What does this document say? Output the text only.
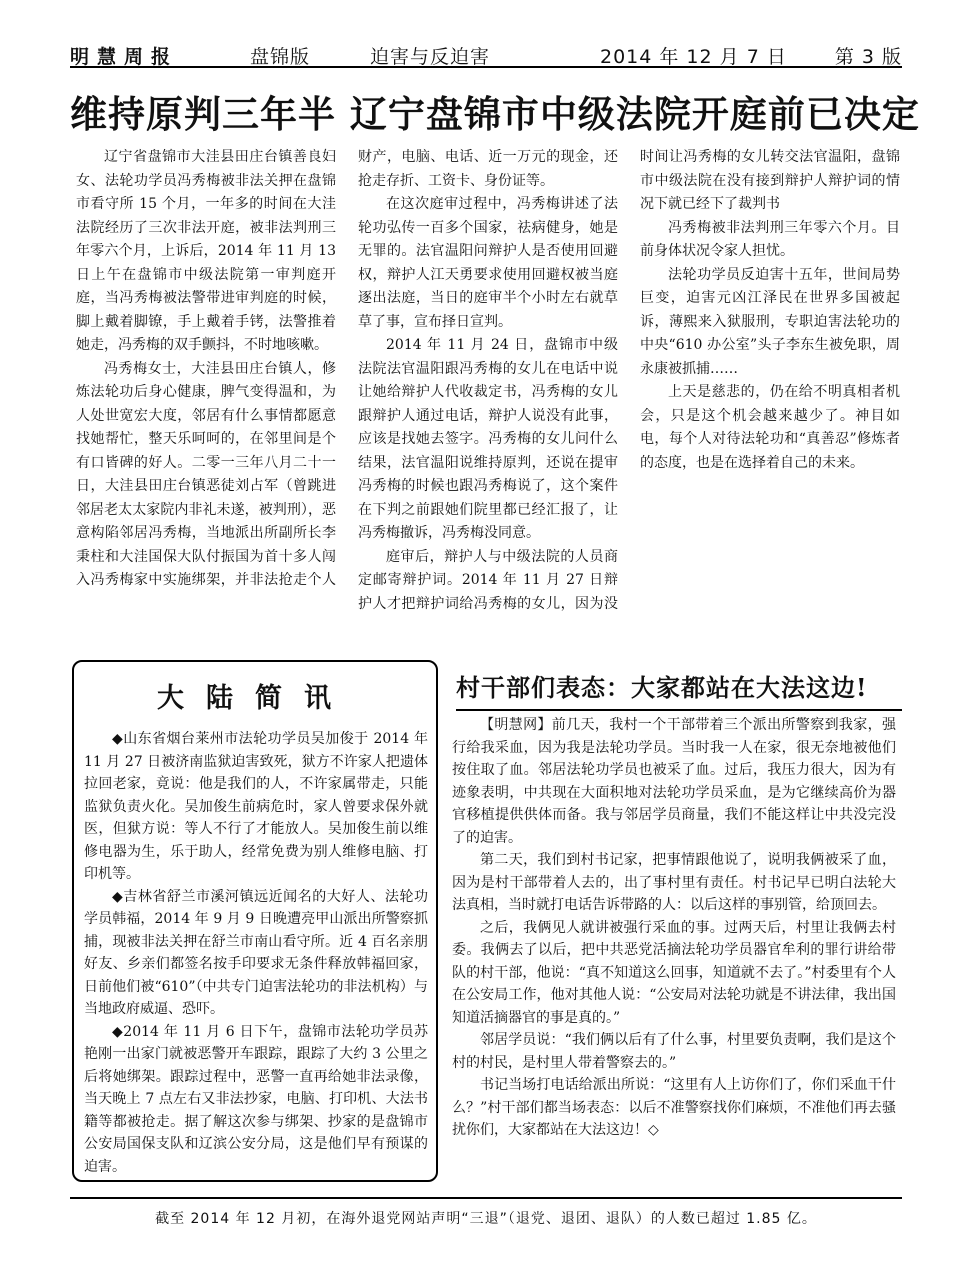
明慧周报	盘锦版	迫害与反迫害	2014 年 12 月 7 日	第 3 版
维持原判三年半 辽宁盘锦市中级法院开庭前已决定

辽宁省盘锦市大洼县田庄台镇善良妇女、法轮功学员冯秀梅被非法关押在盘锦市看守所 15 个月，一年多的时间在大洼法院经历了三次非法开庭，被非法判刑三年零六个月，上诉后，2014 年 11 月 13 日上午在盘锦市中级法院第一审判庭开庭，当冯秀梅被法警带进审判庭的时候，脚上戴着脚镣，手上戴着手铐，法警推着她走，冯秀梅的双手颤抖，不时地咳嗽。

冯秀梅女士，大洼县田庄台镇人，修炼法轮功后身心健康，脾气变得温和，为人处世宽宏大度，邻居有什么事情都愿意找她帮忙，整天乐呵呵的，在邻里间是个有口皆碑的好人。二零一三年八月二十一日，大洼县田庄台镇恶徒刘占军（曾跳进邻居老太太家院内非礼未遂，被判刑），恶意构陷邻居冯秀梅，当地派出所副所长李秉柱和大洼国保大队付振国为首十多人闯入冯秀梅家中实施绑架，并非法抢走个人财产，电脑、电话、近一万元的现金，还抢走存折、工资卡、身份证等。

在这次庭审过程中，冯秀梅讲述了法轮功弘传一百多个国家，祛病健身，她是无罪的。法官温阳问辩护人是否使用回避权，辩护人江天勇要求使用回避权被当庭逐出法庭，当日的庭审半个小时左右就草草了事，宣布择日宣判。

2014 年 11 月 24 日，盘锦市中级法院法官温阳跟冯秀梅的女儿在电话中说让她给辩护人代收裁定书，冯秀梅的女儿跟辩护人通过电话，辩护人说没有此事，应该是找她去签字。冯秀梅的女儿问什么结果，法官温阳说维持原判，还说在提审冯秀梅的时候也跟冯秀梅说了，这个案件在下判之前跟她们院里都已经汇报了，让冯秀梅撤诉，冯秀梅没同意。

庭审后，辩护人与中级法院的人员商定邮寄辩护词。2014 年 11 月 27 日辩护人才把辩护词给冯秀梅的女儿，因为没时间让冯秀梅的女儿转交法官温阳，盘锦市中级法院在没有接到辩护人辩护词的情况下就已经下了裁判书

冯秀梅被非法判刑三年零六个月。目前身体状况令家人担忧。

法轮功学员反迫害十五年，世间局势巨变，迫害元凶江泽民在世界多国被起诉，薄熙来入狱服刑，专职迫害法轮功的中央“610 办公室”头子李东生被免职，周永康被抓捕……

上天是慈悲的，仍在给不明真相者机会，只是这个机会越来越少了。神目如电，每个人对待法轮功和“真善忍”修炼者的态度，也是在选择着自己的未来。

大陆简讯

◆山东省烟台莱州市法轮功学员吴加俊于 2014 年 11 月 27 日被济南监狱迫害致死，狱方不许家人把遗体拉回老家，竟说：他是我们的人，不许家属带走，只能监狱负责火化。吴加俊生前病危时，家人曾要求保外就医，但狱方说：等人不行了才能放人。吴加俊生前以维修电器为生，乐于助人，经常免费为别人维修电脑、打印机等。

◆吉林省舒兰市溪河镇远近闻名的大好人、法轮功学员韩福，2014 年 9 月 9 日晚遭亮甲山派出所警察抓捕，现被非法关押在舒兰市南山看守所。近 4 百名亲朋好友、乡亲们都签名按手印要求无条件释放韩福回家，日前他们被“610”（中共专门迫害法轮功的非法机构）与当地政府威逼、恐吓。

◆2014 年 11 月 6 日下午，盘锦市法轮功学员苏艳刚一出家门就被恶警开车跟踪，跟踪了大约 3 公里之后将她绑架。跟踪过程中，恶警一直再给她非法录像，当天晚上 7 点左右又非法抄家，电脑、打印机、大法书籍等都被抢走。据了解这次参与绑架、抄家的是盘锦市公安局国保支队和辽滨公安分局，这是他们早有预谋的迫害。

村干部们表态：大家都站在大法这边!

【明慧网】前几天，我村一个干部带着三个派出所警察到我家，强行给我采血，因为我是法轮功学员。当时我一人在家，很无奈地被他们按住取了血。邻居法轮功学员也被采了血。过后，我压力很大，因为有迹象表明，中共现在大面积地对法轮功学员采血，是为它继续高价为器官移植提供供体而备。我与邻居学员商量，我们不能这样让中共没完没了的迫害。

第二天，我们到村书记家，把事情跟他说了，说明我俩被采了血，因为是村干部带着人去的，出了事村里有责任。村书记早已明白法轮大法真相，当时就打电话告诉带路的人：以后这样的事别管，给顶回去。

之后，我俩见人就讲被强行采血的事。过两天后，村里让我俩去村委。我俩去了以后，把中共恶党活摘法轮功学员器官牟利的罪行讲给带队的村干部，他说：“真不知道这么回事，知道就不去了。”村委里有个人在公安局工作，他对其他人说：“公安局对法轮功就是不讲法律，我出国知道活摘器官的事是真的。”

邻居学员说：“我们俩以后有了什么事，村里要负责啊，我们是这个村的村民，是村里人带着警察去的。”

书记当场打电话给派出所说：“这里有人上访你们了，你们采血干什么？”村干部们都当场表态：以后不准警察找你们麻烦，不准他们再去骚扰你们，大家都站在大法这边！◇

截至 2014 年 12 月初，在海外退党网站声明“三退”（退党、退团、退队）的人数已超过 1.85 亿。
